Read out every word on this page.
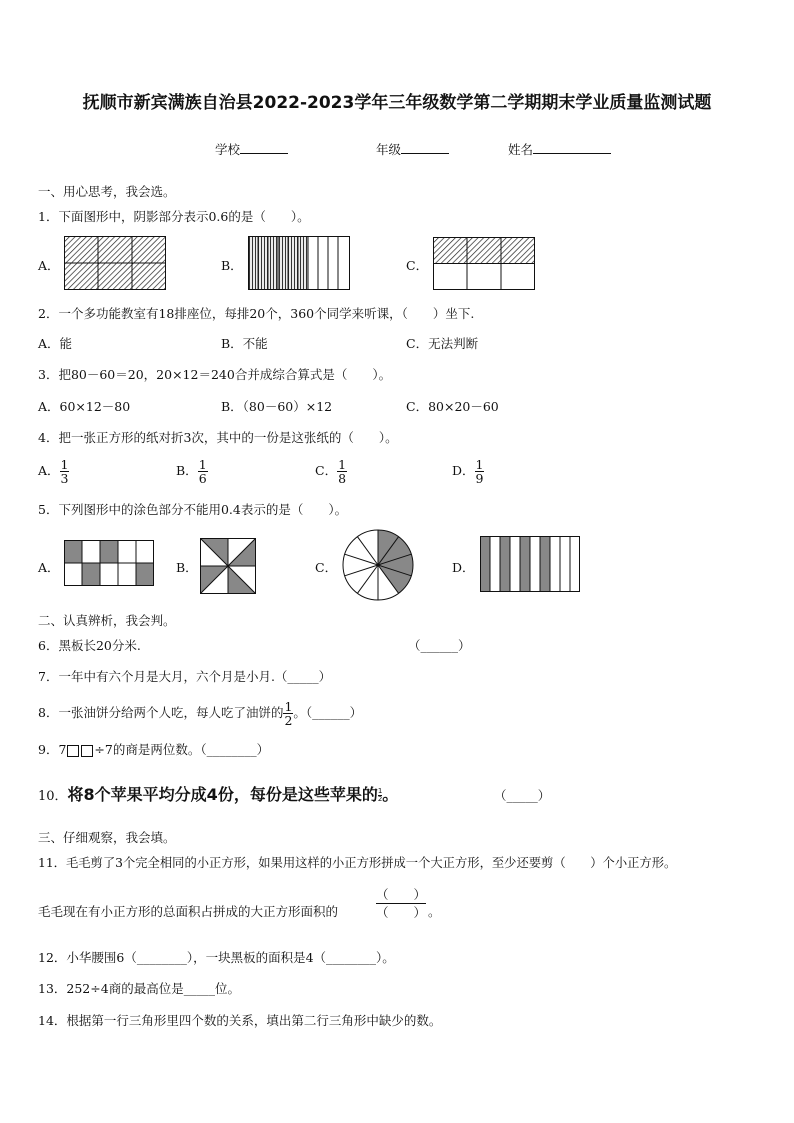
抚顺市新宾满族自治县2022-2023学年三年级数学第二学期期末学业质量监测试题
学校	年级	姓名
一、用心思考，我会选。
1．下面图形中，阴影部分表示0.6的是（　　）。
A．	B．	C．
2．一个多功能教室有18排座位，每排20个，360个同学来听课，（　　）坐下.
A．能	B．不能	C．无法判断
3．把80－60＝20，20×12＝240合并成综合算式是（　　）。
A．60×12－80	B．（80－60）×12	C．80×20－60
4．把一张正方形的纸对折3次，其中的一份是这张纸的（　　）。
A． $\frac{1}{3}$	B． $\frac{1}{6}$	C． $\frac{1}{8}$	D． $\frac{1}{9}$
5．下列图形中的涂色部分不能用0.4表示的是（　　）。
A．	B．	C．	D．
二、认真辨析，我会判。
6．黑板长20分米.	（______）
7．一年中有六个月是大月，六个月是小月.（_____）
8．一张油饼分给两个人吃，每人吃了油饼的 $\frac{1}{2}$ 。（______）
9．7 ÷7的商是两位数。（________）
10．将8个苹果平均分成4份，每份是这些苹果的 $\frac{1}{2}$ 。	（_____）
三、仔细观察，我会填。
11．毛毛剪了3个完全相同的小正方形，如果用这样的小正方形拼成一个大正方形，至少还要剪（　　）个小正方形。
毛毛现在有小正方形的总面积占拼成的大正方形面积的
（　　）
（　　） 。
12．小华腰围6（________），一块黑板的面积是4（________）。
13．252÷4商的最高位是_____位。
14．根据第一行三角形里四个数的关系，填出第二行三角形中缺少的数。
